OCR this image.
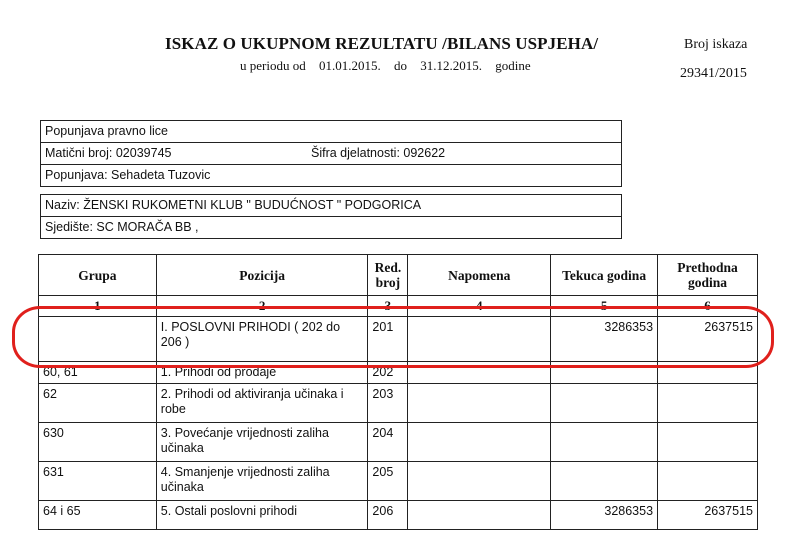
ISKAZ O UKUPNOM REZULTATU /BILANS USPJEHA/
u periodu od 01.01.2015. do 31.12.2015. godine
Broj iskaza
29341/2015
Popunjava pravno lice
Matični broj: 02039745	Šifra djelatnosti: 092622
Popunjava: Sehadeta Tuzovic
Naziv: ŽENSKI RUKOMETNI KLUB " BUDUĆNOST " PODGORICA
Sjedište: SC MORAČA BB ,
Grupa	Pozicija	Red. broj	Napomena	Tekuca godina	Prethodna godina
1	2	3	4	5	6
	I. POSLOVNI PRIHODI ( 202 do 206 )	201		3286353	2637515
60, 61	1. Prihodi od prodaje	202			
62	2. Prihodi od aktiviranja učinaka i robe	203			
630	3. Povećanje vrijednosti zaliha učinaka	204			
631	4. Smanjenje vrijednosti zaliha učinaka	205			
64 i 65	5. Ostali poslovni prihodi	206		3286353	2637515
